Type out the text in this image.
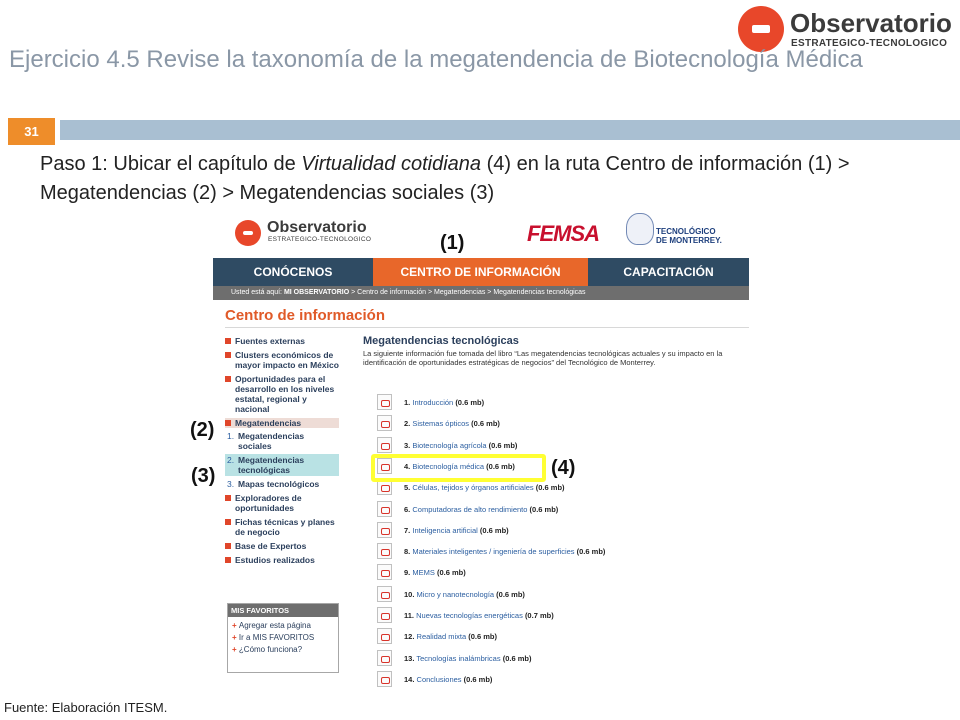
Observatorio
ESTRATEGICO-TECNOLOGICO
Ejercicio 4.5 Revise la taxonomía de la megatendencia de Biotecnología Médica
31
Paso 1: Ubicar el capítulo de Virtualidad cotidiana (4) en la ruta Centro de información (1) > Megatendencias (2) > Megatendencias sociales (3)
Observatorio
ESTRATEGICO-TECNOLOGICO	FEMSA	TECNOLÓGICO
DE MONTERREY.
CONÓCENOS	CENTRO DE INFORMACIÓN	CAPACITACIÓN
Usted está aquí: MI OBSERVATORIO > Centro de información > Megatendencias > Megatendencias tecnológicas
Centro de información
Fuentes externas
Clusters económicos de mayor impacto en México
Oportunidades para el desarrollo en los niveles estatal, regional y nacional
Megatendencias
1. Megatendencias sociales
2. Megatendencias tecnológicas
3. Mapas tecnológicos
Exploradores de oportunidades
Fichas técnicas y planes de negocio
Base de Expertos
Estudios realizados
MIS FAVORITOS
+ Agregar esta página
+ Ir a MIS FAVORITOS
+ ¿Cómo funciona?
Megatendencias tecnológicas
La siguiente información fue tomada del libro “Las megatendencias tecnológicas actuales y su impacto en la identificación de oportunidades estratégicas de negocios” del Tecnológico de Monterrey.
1. Introducción (0.6 mb)
2. Sistemas ópticos (0.6 mb)
3. Biotecnología agrícola (0.6 mb)
4. Biotecnología médica (0.6 mb)
5. Células, tejidos y órganos artificiales (0.6 mb)
6. Computadoras de alto rendimiento (0.6 mb)
7. Inteligencia artificial (0.6 mb)
8. Materiales inteligentes / ingeniería de superficies (0.6 mb)
9. MEMS (0.6 mb)
10. Micro y nanotecnología (0.6 mb)
11. Nuevas tecnologías energéticas (0.7 mb)
12. Realidad mixta (0.6 mb)
13. Tecnologías inalámbricas (0.6 mb)
14. Conclusiones (0.6 mb)
(1)
(2)
(3)	(4)
Fuente: Elaboración ITESM.
